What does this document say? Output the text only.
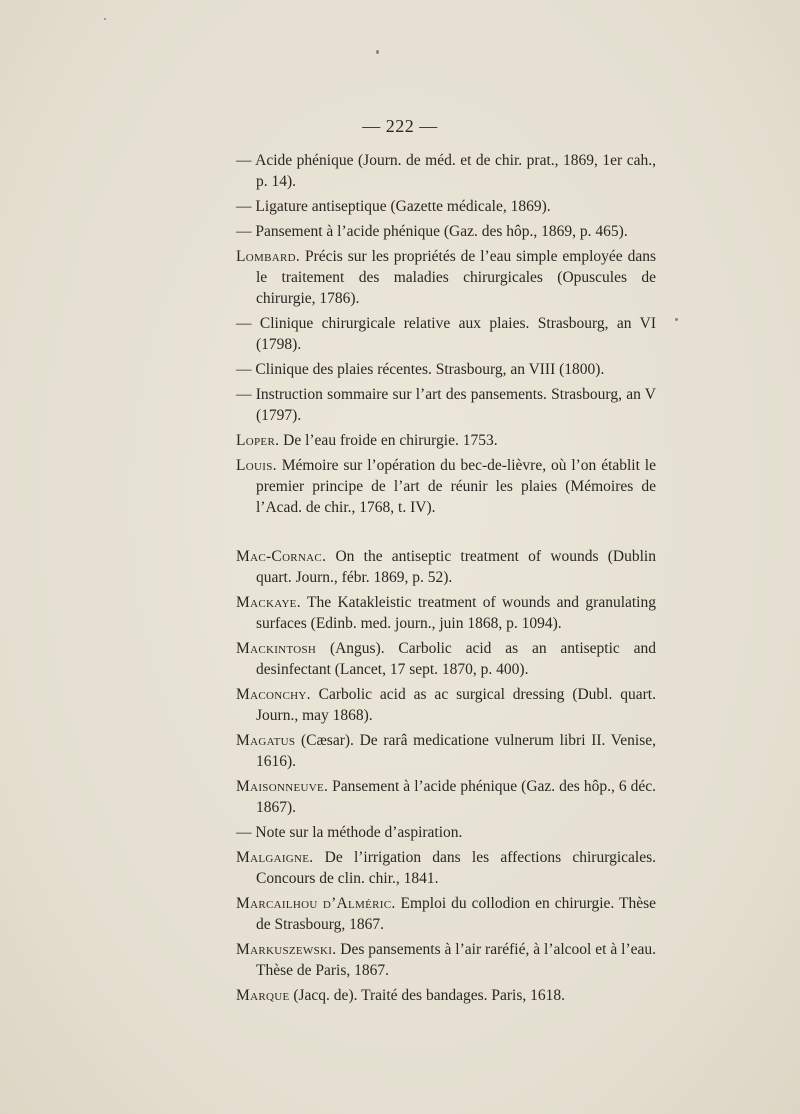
— 222 —

— Acide phénique (Journ. de méd. et de chir. prat., 1869, 1er cah., p. 14).

— Ligature antiseptique (Gazette médicale, 1869).

— Pansement à l’acide phénique (Gaz. des hôp., 1869, p. 465).

Lombard. Précis sur les propriétés de l’eau simple employée dans le traitement des maladies chirurgicales (Opuscules de chirurgie, 1786).

— Clinique chirurgicale relative aux plaies. Strasbourg, an VI (1798).

— Clinique des plaies récentes. Strasbourg, an VIII (1800).

— Instruction sommaire sur l’art des pansements. Strasbourg, an V (1797).

Loper. De l’eau froide en chirurgie. 1753.

Louis. Mémoire sur l’opération du bec-de-lièvre, où l’on établit le premier principe de l’art de réunir les plaies (Mémoires de l’Acad. de chir., 1768, t. IV).

Mac-Cornac. On the antiseptic treatment of wounds (Dublin quart. Journ., fébr. 1869, p. 52).

Mackaye. The Katakleistic treatment of wounds and granulating surfaces (Edinb. med. journ., juin 1868, p. 1094).

Mackintosh (Angus). Carbolic acid as an antiseptic and desinfectant (Lancet, 17 sept. 1870, p. 400).

Maconchy. Carbolic acid as ac surgical dressing (Dubl. quart. Journ., may 1868).

Magatus (Cæsar). De rarâ medicatione vulnerum libri II. Venise, 1616).

Maisonneuve. Pansement à l’acide phénique (Gaz. des hôp., 6 déc. 1867).

— Note sur la méthode d’aspiration.

Malgaigne. De l’irrigation dans les affections chirurgicales. Concours de clin. chir., 1841.

Marcailhou d’Alméric. Emploi du collodion en chirurgie. Thèse de Strasbourg, 1867.

Markuszewski. Des pansements à l’air raréfié, à l’alcool et à l’eau. Thèse de Paris, 1867.

Marque (Jacq. de). Traité des bandages. Paris, 1618.
